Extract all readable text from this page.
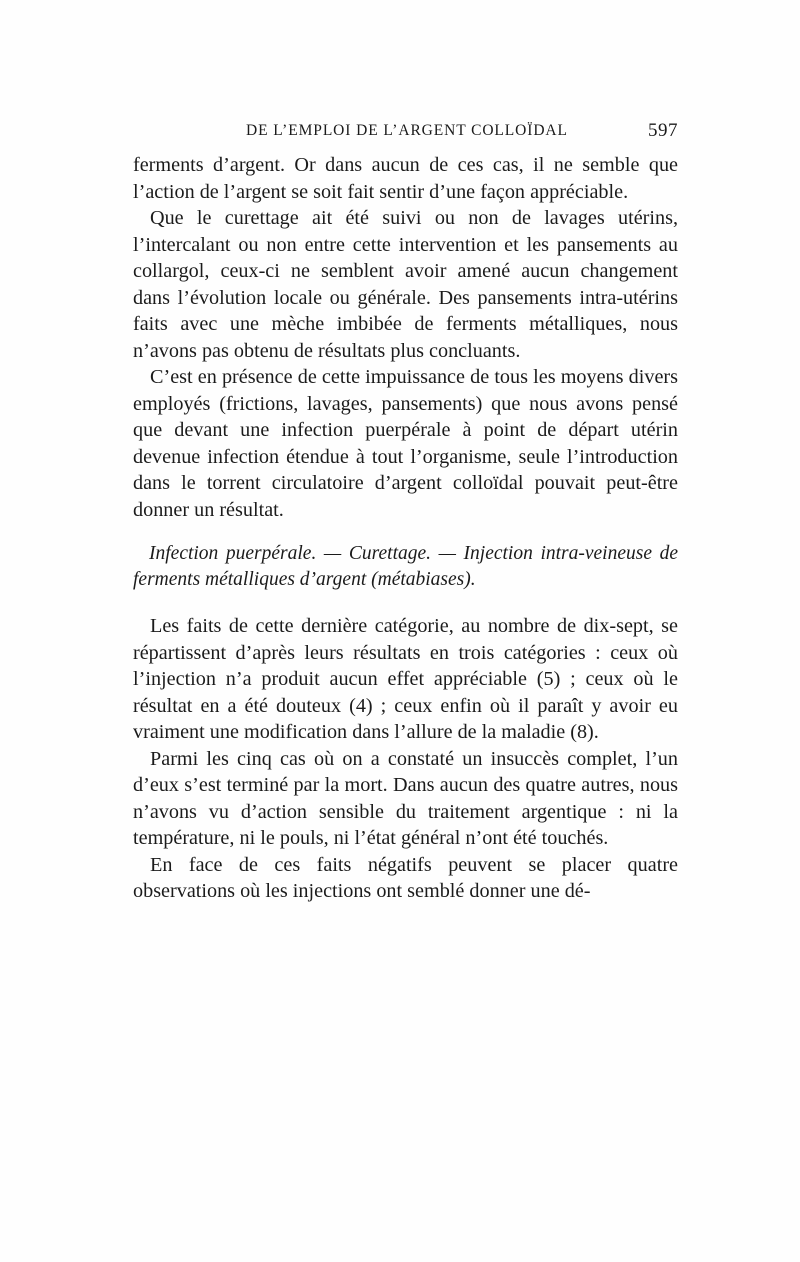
DE L’EMPLOI DE L’ARGENT COLLOÏDAL	597

ferments d’argent. Or dans aucun de ces cas, il ne semble que l’action de l’argent se soit fait sentir d’une façon appréciable.

Que le curettage ait été suivi ou non de lavages utérins, l’intercalant ou non entre cette intervention et les pansements au collargol, ceux-ci ne semblent avoir amené aucun changement dans l’évolution locale ou générale. Des pansements intra-utérins faits avec une mèche imbibée de ferments métalliques, nous n’avons pas obtenu de résultats plus concluants.

C’est en présence de cette impuissance de tous les moyens divers employés (frictions, lavages, pansements) que nous avons pensé que devant une infection puerpérale à point de départ utérin devenue infection étendue à tout l’organisme, seule l’introduction dans le torrent circulatoire d’argent colloïdal pouvait peut-être donner un résultat.

Infection puerpérale. — Curettage. — Injection intra-veineuse de ferments métalliques d’argent (métabiases).

Les faits de cette dernière catégorie, au nombre de dix-sept, se répartissent d’après leurs résultats en trois catégories : ceux où l’injection n’a produit aucun effet appréciable (5) ; ceux où le résultat en a été douteux (4) ; ceux enfin où il paraît y avoir eu vraiment une modification dans l’allure de la maladie (8).

Parmi les cinq cas où on a constaté un insuccès complet, l’un d’eux s’est terminé par la mort. Dans aucun des quatre autres, nous n’avons vu d’action sensible du traitement argentique : ni la température, ni le pouls, ni l’état général n’ont été touchés.

En face de ces faits négatifs peuvent se placer quatre observations où les injections ont semblé donner une dé-
